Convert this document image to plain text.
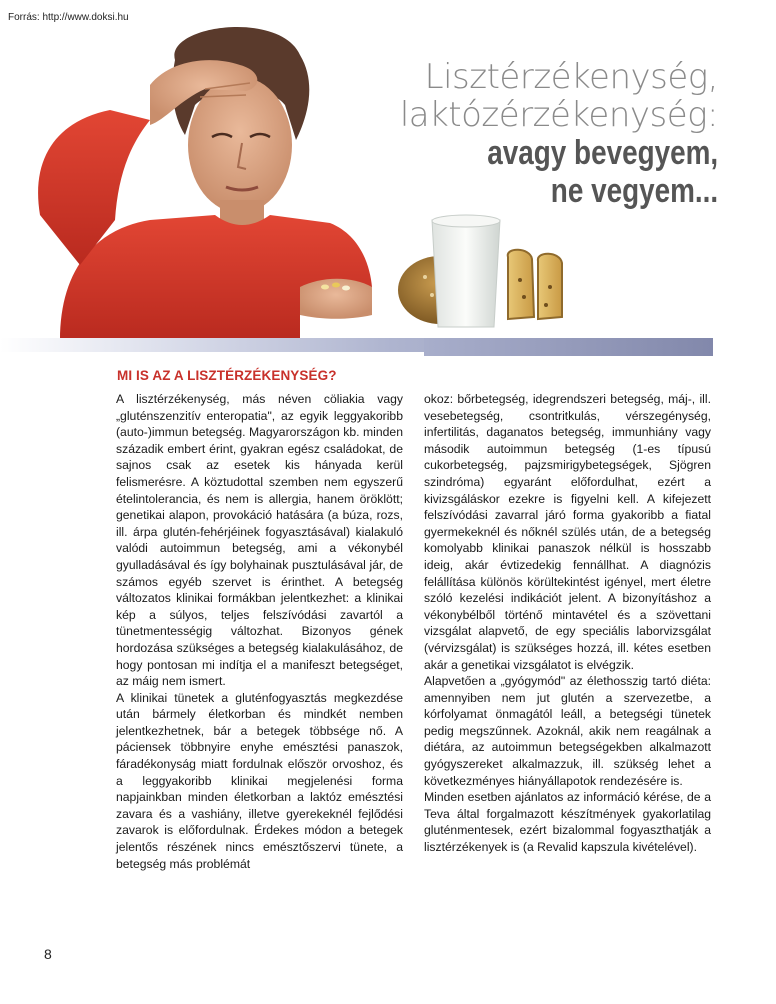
Forrás: http://www.doksi.hu
Lisztérzékenység,
laktózérzékenység:
avagy bevegyem,
ne vegyem...
MI IS AZ A LISZTÉRZÉKENYSÉG?

A lisztérzékenység, más néven cöliakia vagy „gluténszenzitív enteropatia", az egyik leggyakoribb (auto-)immun betegség. Magyarországon kb. minden századik embert érint, gyakran egész családokat, de sajnos csak az esetek kis hányada kerül felismerésre. A köztudottal szemben nem egyszerű ételintolerancia, és nem is allergia, hanem öröklött; genetikai alapon, provokáció hatására (a búza, rozs, ill. árpa glutén-fehérjéinek fogyasztásával) kialakuló valódi autoimmun betegség, ami a vékonybél gyulladásával és így bolyhainak pusztulásával jár, de számos egyéb szervet is érinthet. A betegség változatos klinikai formákban jelentkezhet: a klinikai kép a súlyos, teljes felszívódási zavartól a tünetmentességig változhat. Bizonyos gének hordozása szükséges a betegség kialakulásához, de hogy pontosan mi indítja el a manifeszt betegséget, az máig nem ismert.

A klinikai tünetek a gluténfogyasztás megkezdése után bármely életkorban és mindkét nemben jelentkezhetnek, bár a betegek többsége nő. A páciensek többnyire enyhe emésztési panaszok, fáradékonyság miatt fordulnak először orvoshoz, és a leggyakoribb klinikai megjelenési forma napjainkban minden életkorban a laktóz emésztési zavara és a vashiány, illetve gyerekeknél fejlődési zavarok is előfordulnak. Érdekes módon a betegek jelentős részének nincs emésztőszervi tünete, a betegség más problémát

okoz: bőrbetegség, idegrendszeri betegség, máj-, ill. vesebetegség, csontritkulás, vérszegénység, infertilitás, daganatos betegség, immunhiány vagy második autoimmun betegség (1-es típusú cukorbetegség, pajzsmirigybetegségek, Sjögren szindróma) egyaránt előfordulhat, ezért a kivizsgáláskor ezekre is figyelni kell. A kifejezett felszívódási zavarral járó forma gyakoribb a fiatal gyermekeknél és nőknél szülés után, de a betegség komolyabb klinikai panaszok nélkül is hosszabb ideig, akár évtizedekig fennállhat. A diagnózis felállítása különös körültekintést igényel, mert életre szóló kezelési indikációt jelent. A bizonyításhoz a vékonybélből történő mintavétel és a szövettani vizsgálat alapvető, de egy speciális laborvizsgálat (vérvizsgálat) is szükséges hozzá, ill. kétes esetben akár a genetikai vizsgálatot is elvégzik.

Alapvetően a „gyógymód" az élethosszig tartó diéta: amennyiben nem jut glutén a szervezetbe, a kórfolyamat önmagától leáll, a betegségi tünetek pedig megszűnnek. Azoknál, akik nem reagálnak a diétára, az autoimmun betegségekben alkalmazott gyógyszereket alkalmazzuk, ill. szükség lehet a következményes hiányállapotok rendezésére is.

Minden esetben ajánlatos az információ kérése, de a Teva által forgalmazott készítmények gyakorlatilag gluténmentesek, ezért bizalommal fogyaszthatják a lisztérzékenyek is (a Revalid kapszula kivételével).

8
